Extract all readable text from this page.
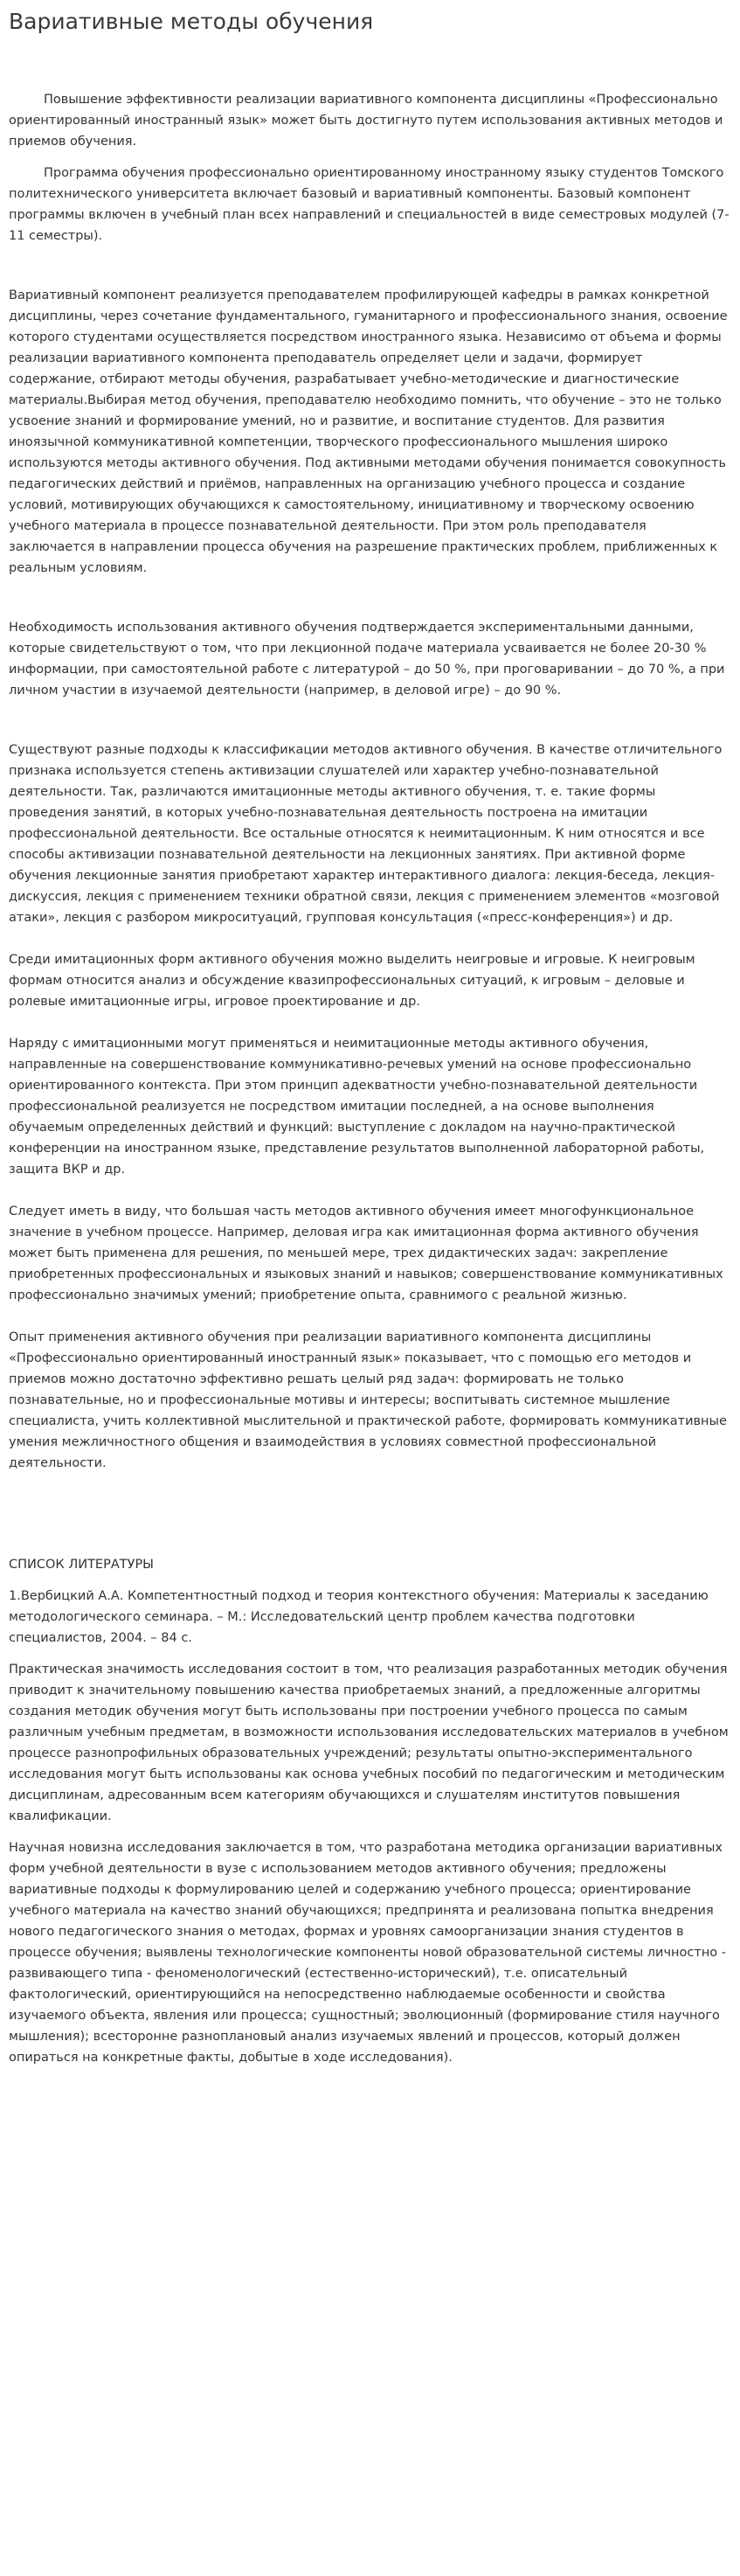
Вариативные методы обучения

Повышение эффективности реализации вариативного компонента дисциплины «Профессионально ориентированный иностранный язык» может быть достигнуто путем использования активных методов и приемов обучения.

Программа обучения профессионально ориентированному иностранному языку студентов Томского политехнического университета включает базовый и вариативный компоненты. Базовый компонент программы включен в учебный план всех направлений и специальностей в виде семестровых модулей (7-11 семестры).

Вариативный компонент реализуется преподавателем профилирующей кафедры в рамках конкретной дисциплины, через сочетание фундаментального, гуманитарного и профессионального знания, освоение которого студентами осуществляется посредством иностранного языка. Независимо от объема и формы реализации вариативного компонента преподаватель определяет цели и задачи, формирует содержание, отбирают методы обучения, разрабатывает учебно-методические и диагностические материалы.Выбирая метод обучения, преподавателю необходимо помнить, что обучение – это не только усвоение знаний и формирование умений, но и развитие, и воспитание студентов. Для развития иноязычной коммуникативной компетенции, творческого профессионального мышления широко используются методы активного обучения. Под активными методами обучения понимается совокупность педагогических действий и приёмов, направленных на организацию учебного процесса и создание условий, мотивирующих обучающихся к самостоятельному, инициативному и творческому освоению учебного материала в процессе познавательной деятельности. При этом роль преподавателя заключается в направлении процесса обучения на разрешение практических проблем, приближенных к реальным условиям.

Необходимость использования активного обучения подтверждается экспериментальными данными, которые свидетельствуют о том, что при лекционной подаче материала усваивается не более 20-30 % информации, при самостоятельной работе с литературой – до 50 %, при проговаривании – до 70 %, а при личном участии в изучаемой деятельности (например, в деловой игре) – до 90 %.

Существуют разные подходы к классификации методов активного обучения. В качестве отличительного признака используется степень активизации слушателей или характер учебно-познавательной деятельности. Так, различаются имитационные методы активного обучения, т. е. такие формы проведения занятий, в которых учебно-познавательная деятельность построена на имитации профессиональной деятельности. Все остальные относятся к неимитационным. К ним относятся и все способы активизации познавательной деятельности на лекционных занятиях. При активной форме обучения лекционные занятия приобретают характер интерактивного диалога: лекция-беседа, лекция-дискуссия, лекция с применением техники обратной связи, лекция с применением элементов «мозговой атаки», лекция с разбором микроситуаций, групповая консультация («пресс-конференция») и др.

Среди имитационных форм активного обучения можно выделить неигровые и игровые. К неигровым формам относится анализ и обсуждение квазипрофессиональных ситуаций, к игровым – деловые и ролевые имитационные игры, игровое проектирование и др.

Наряду с имитационными могут применяться и неимитационные методы активного обучения, направленные на совершенствование коммуникативно-речевых умений на основе профессионально ориентированного контекста. При этом принцип адекватности учебно-познавательной деятельности профессиональной реализуется не посредством имитации последней, а на основе выполнения обучаемым определенных действий и функций: выступление с докладом на научно-практической конференции на иностранном языке, представление результатов выполненной лабораторной работы, защита ВКР и др.

Следует иметь в виду, что большая часть методов активного обучения имеет многофункциональное значение в учебном процессе. Например, деловая игра как имитационная форма активного обучения может быть применена для решения, по меньшей мере, трех дидактических задач: закрепление приобретенных профессиональных и языковых знаний и навыков; совершенствование коммуникативных профессионально значимых умений; приобретение опыта, сравнимого с реальной жизнью.

Опыт применения активного обучения при реализации вариативного компонента дисциплины «Профессионально ориентированный иностранный язык» показывает, что с помощью его методов и приемов можно достаточно эффективно решать целый ряд задач: формировать не только познавательные, но и профессиональные мотивы и интересы; воспитывать системное мышление специалиста, учить коллективной мыслительной и практической работе, формировать коммуникативные умения межличностного общения и взаимодействия в условиях совместной профессиональной деятельности.

СПИСОК ЛИТЕРАТУРЫ

1.Вербицкий А.А. Компетентностный подход и теория контекстного обучения: Материалы к заседанию методологического семинара. – М.: Исследовательский центр проблем качества подготовки специалистов, 2004. – 84 с.

Практическая значимость исследования состоит в том, что реализация разработанных методик обучения приводит к значительному повышению качества приобретаемых знаний, а предложенные алгоритмы создания методик обучения могут быть использованы при построении учебного процесса по самым различным учебным предметам, в возможности использования исследовательских материалов в учебном процессе разнопрофильных образовательных учреждений; результаты опытно-экспериментального исследования могут быть использованы как основа учебных пособий по педагогическим и методическим дисциплинам, адресованным всем категориям обучающихся и слушателям институтов повышения квалификации.

Научная новизна исследования заключается в том, что разработана методика организации вариативных форм учебной деятельности в вузе с использованием методов активного обучения; предложены вариативные подходы к формулированию целей и содержанию учебного процесса; ориентирование учебного материала на качество знаний обучающихся; предпринята и реализована попытка внедрения нового педагогического знания о методах, формах и уровнях самоорганизации знания студентов в процессе обучения; выявлены технологические компоненты новой образовательной системы личностно - развивающего типа - феноменологический (естественно-исторический), т.е. описательный фактологический, ориентирующийся на непосредственно наблюдаемые особенности и свойства изучаемого объекта, явления или процесса; сущностный; эволюционный (формирование стиля научного мышления); всесторонне разноплановый анализ изучаемых явлений и процессов, который должен опираться на конкретные факты, добытые в ходе исследования).
